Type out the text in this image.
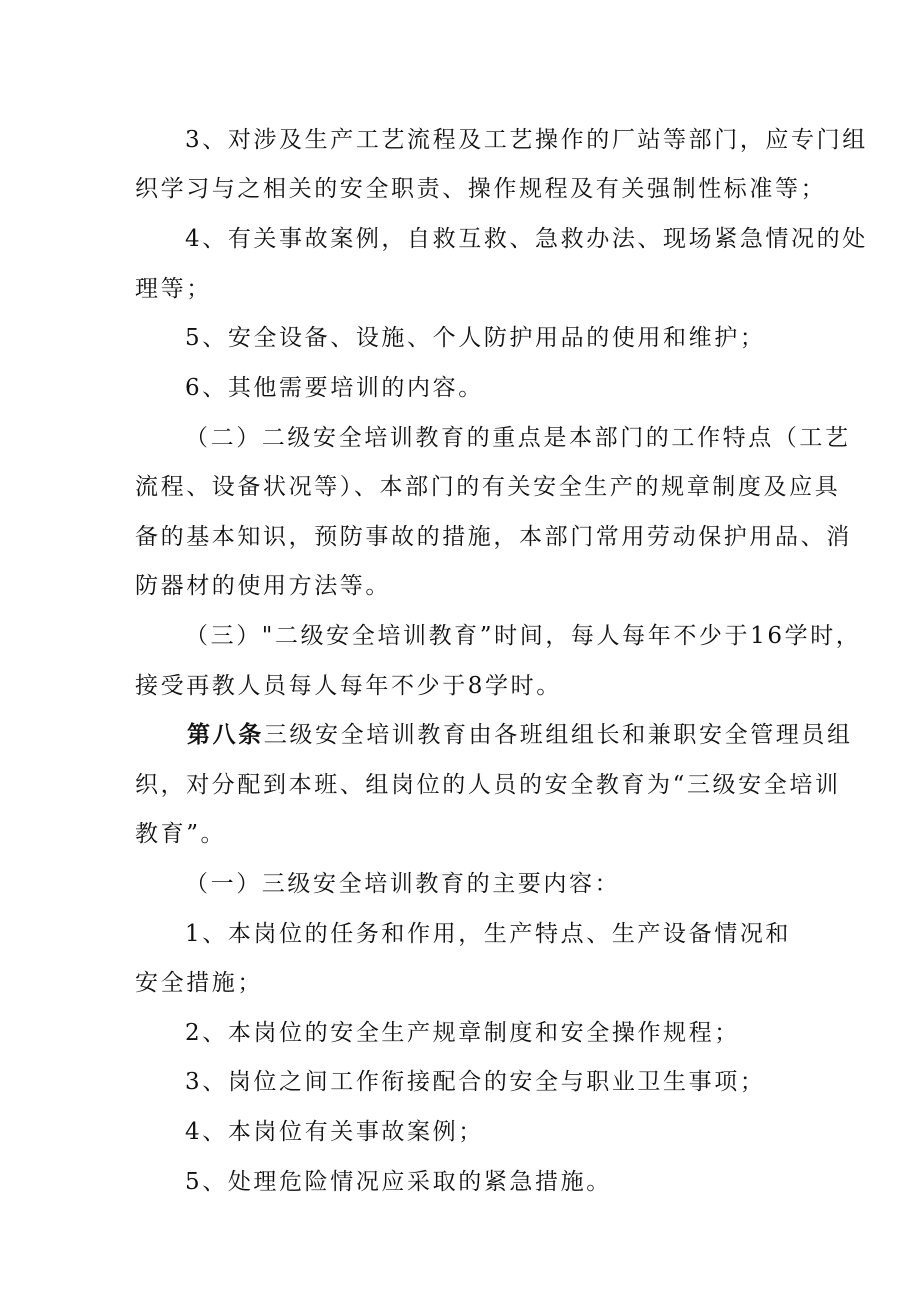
3、对涉及生产工艺流程及工艺操作的厂站等部门，应专门组
织学习与之相关的安全职责、操作规程及有关强制性标准等；
4、有关事故案例，自救互救、急救办法、现场紧急情况的处
理等；
5、安全设备、设施、个人防护用品的使用和维护；
6、其他需要培训的内容。
（二）二级安全培训教育的重点是本部门的工作特点（工艺
流程、设备状况等）、本部门的有关安全生产的规章制度及应具
备的基本知识，预防事故的措施，本部门常用劳动保护用品、消
防器材的使用方法等。
（三）"二级安全培训教育”时间，每人每年不少于16学时，
接受再教人员每人每年不少于8学时。
第八条三级安全培训教育由各班组组长和兼职安全管理员组
织，对分配到本班、组岗位的人员的安全教育为“三级安全培训
教育”。
（一）三级安全培训教育的主要内容：
1、本岗位的任务和作用，生产特点、生产设备情况和
安全措施；
2、本岗位的安全生产规章制度和安全操作规程；
3、岗位之间工作衔接配合的安全与职业卫生事项；
4、本岗位有关事故案例；
5、处理危险情况应采取的紧急措施。
